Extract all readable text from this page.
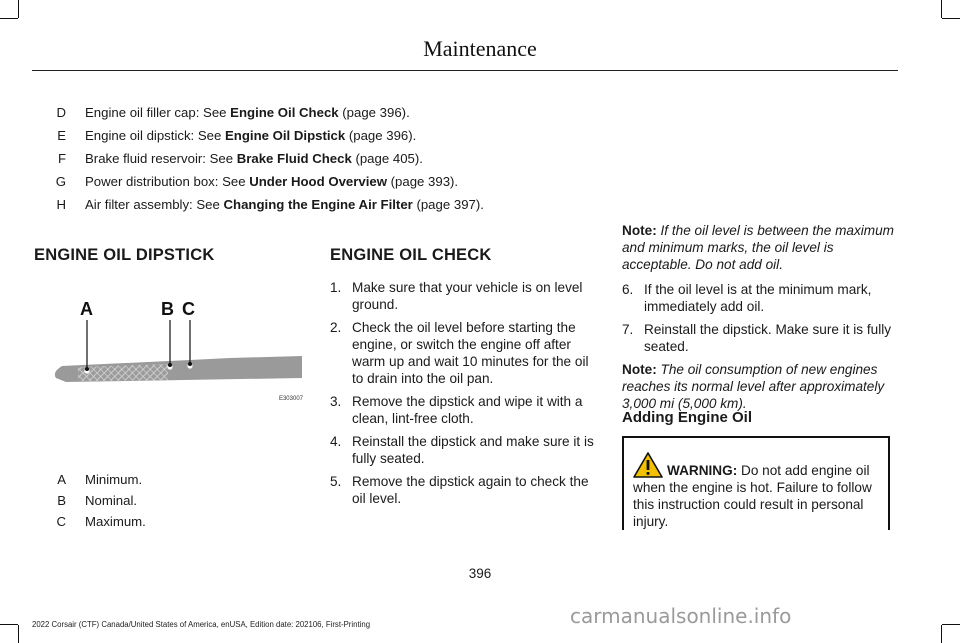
Maintenance
D Engine oil filler cap: See Engine Oil Check (page 396).
E Engine oil dipstick: See Engine Oil Dipstick (page 396).
F Brake fluid reservoir: See Brake Fluid Check (page 405).
G Power distribution box: See Under Hood Overview (page 393).
H Air filter assembly: See Changing the Engine Air Filter (page 397).
ENGINE OIL DIPSTICK
A	B C
E303007
A Minimum.
B Nominal.
C Maximum.
ENGINE OIL CHECK
1. Make sure that your vehicle is on level ground.
2. Check the oil level before starting the engine, or switch the engine off after warm up and wait 10 minutes for the oil to drain into the oil pan.
3. Remove the dipstick and wipe it with a clean, lint-free cloth.
4. Reinstall the dipstick and make sure it is fully seated.
5. Remove the dipstick again to check the oil level.
Note: If the oil level is between the maximum and minimum marks, the oil level is acceptable. Do not add oil.
6. If the oil level is at the minimum mark, immediately add oil.
7. Reinstall the dipstick. Make sure it is fully seated.
Note: The oil consumption of new engines reaches its normal level after approximately 3,000 mi (5,000 km).
Adding Engine Oil
WARNING: Do not add engine oil when the engine is hot. Failure to follow this instruction could result in personal injury.
396
2022 Corsair (CTF) Canada/United States of America, enUSA, Edition date: 202106, First-Printing	carmanualsonline.info
